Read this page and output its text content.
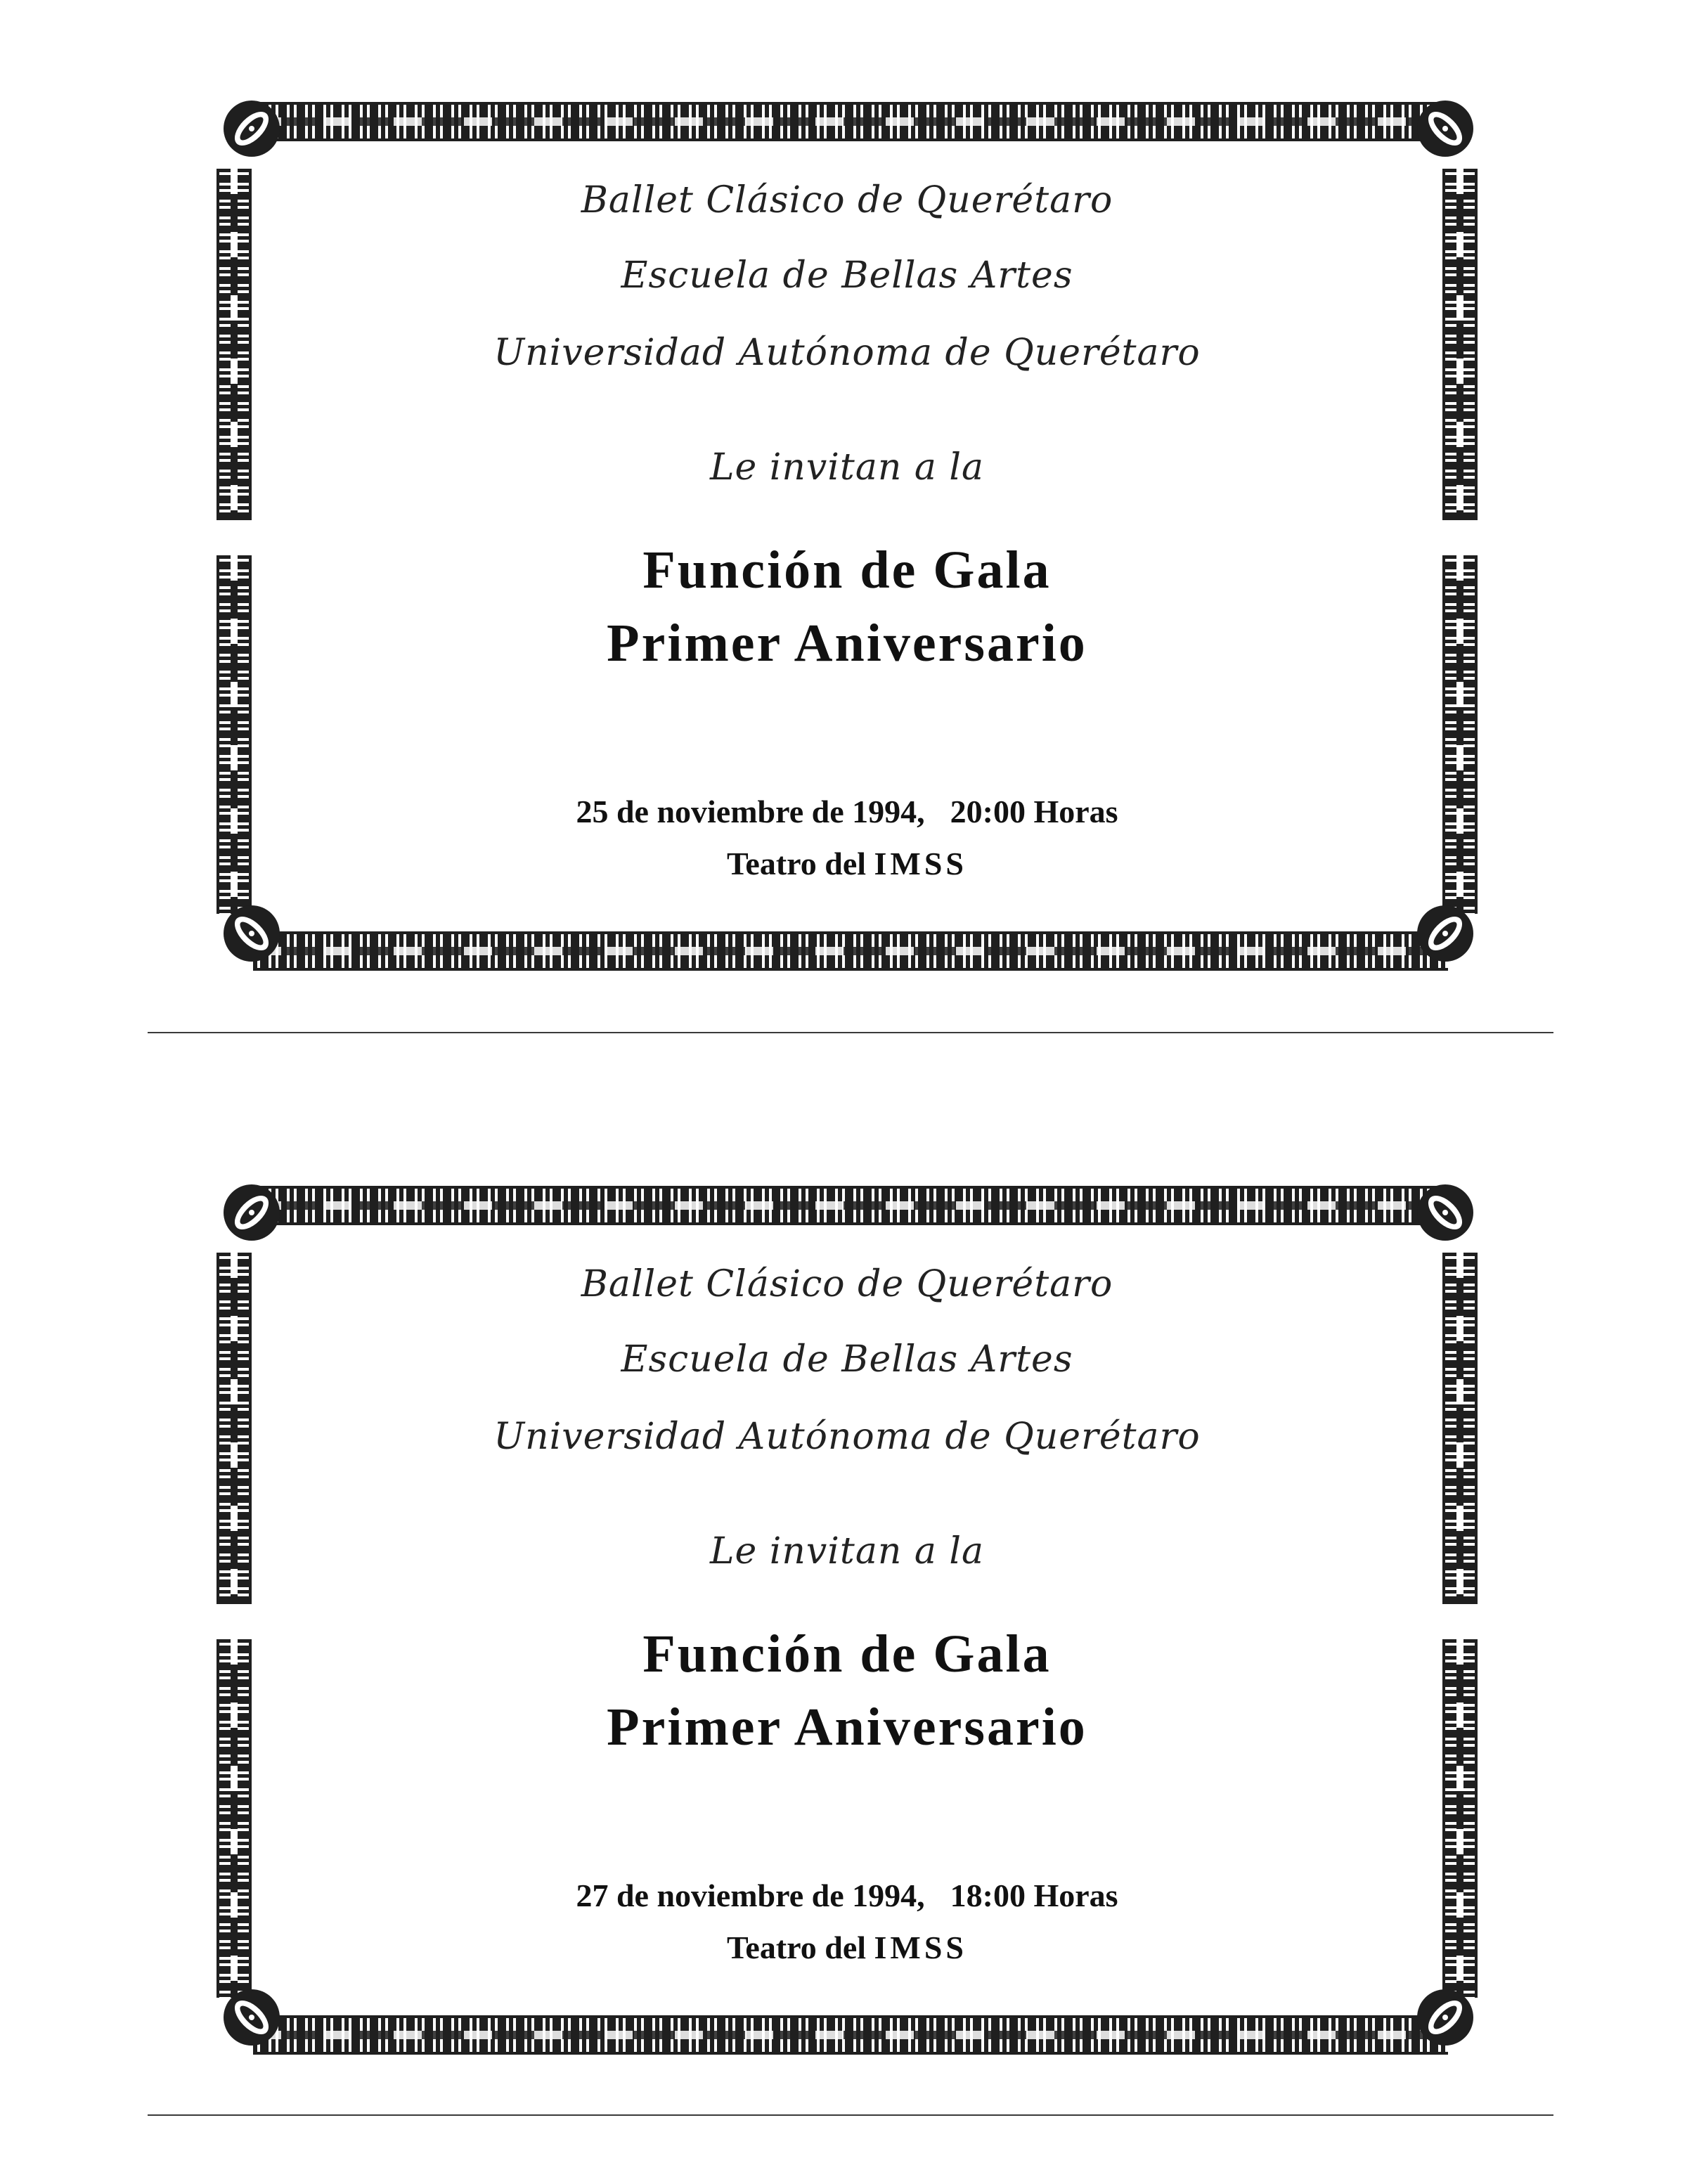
Ballet Clásico de Querétaro
Escuela de Bellas Artes
Universidad Autónoma de Querétaro
Le invitan a la
Función de Gala
Primer Aniversario
25 de noviembre de 1994, 20:00 Horas
Teatro del IMSS
Ballet Clásico de Querétaro
Escuela de Bellas Artes
Universidad Autónoma de Querétaro
Le invitan a la
Función de Gala
Primer Aniversario
27 de noviembre de 1994, 18:00 Horas
Teatro del IMSS
